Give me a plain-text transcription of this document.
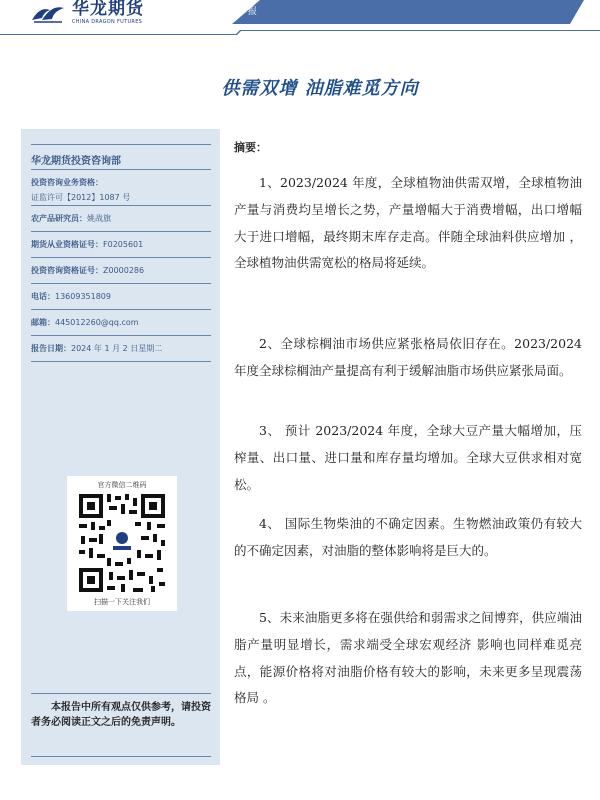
华龙期货
CHINA DRAGON FUTURES
油脂年报
供需双增 油脂难觅方向
华龙期货投资咨询部
投资咨询业务资格：
证监许可【2012】1087 号
农产品研究员：姚战旗
期货从业资格证号：F0205601
投资咨询资格证号：Z0000286
电话：13609351809
邮箱：445012260@qq.com
报告日期：2024 年 1 月 2 日星期二
官方微信二维码
扫描一下关注我们
本报告中所有观点仅供参考，请投资者务必阅读正文之后的免责声明。
摘要：

1、2023/2024 年度，全球植物油供需双增，全球植物油产量与消费均呈增长之势，产量增幅大于消费增幅，出口增幅大于进口增幅，最终期末库存走高。伴随全球油料供应增加 ，全球植物油供需宽松的格局将延续。

2、全球棕榈油市场供应紧张格局依旧存在。2023/2024 年度全球棕榈油产量提高有利于缓解油脂市场供应紧张局面。

3、 预计 2023/2024 年度，全球大豆产量大幅增加，压榨量、出口量、进口量和库存量均增加。全球大豆供求相对宽松。

4、 国际生物柴油的不确定因素。生物燃油政策仍有较大的不确定因素，对油脂的整体影响将是巨大的。

5、未来油脂更多将在强供给和弱需求之间博弈，供应端油脂产量明显增长，需求端受全球宏观经济 影响也同样难觅亮点，能源价格将对油脂价格有较大的影响，未来更多呈现震荡格局 。
